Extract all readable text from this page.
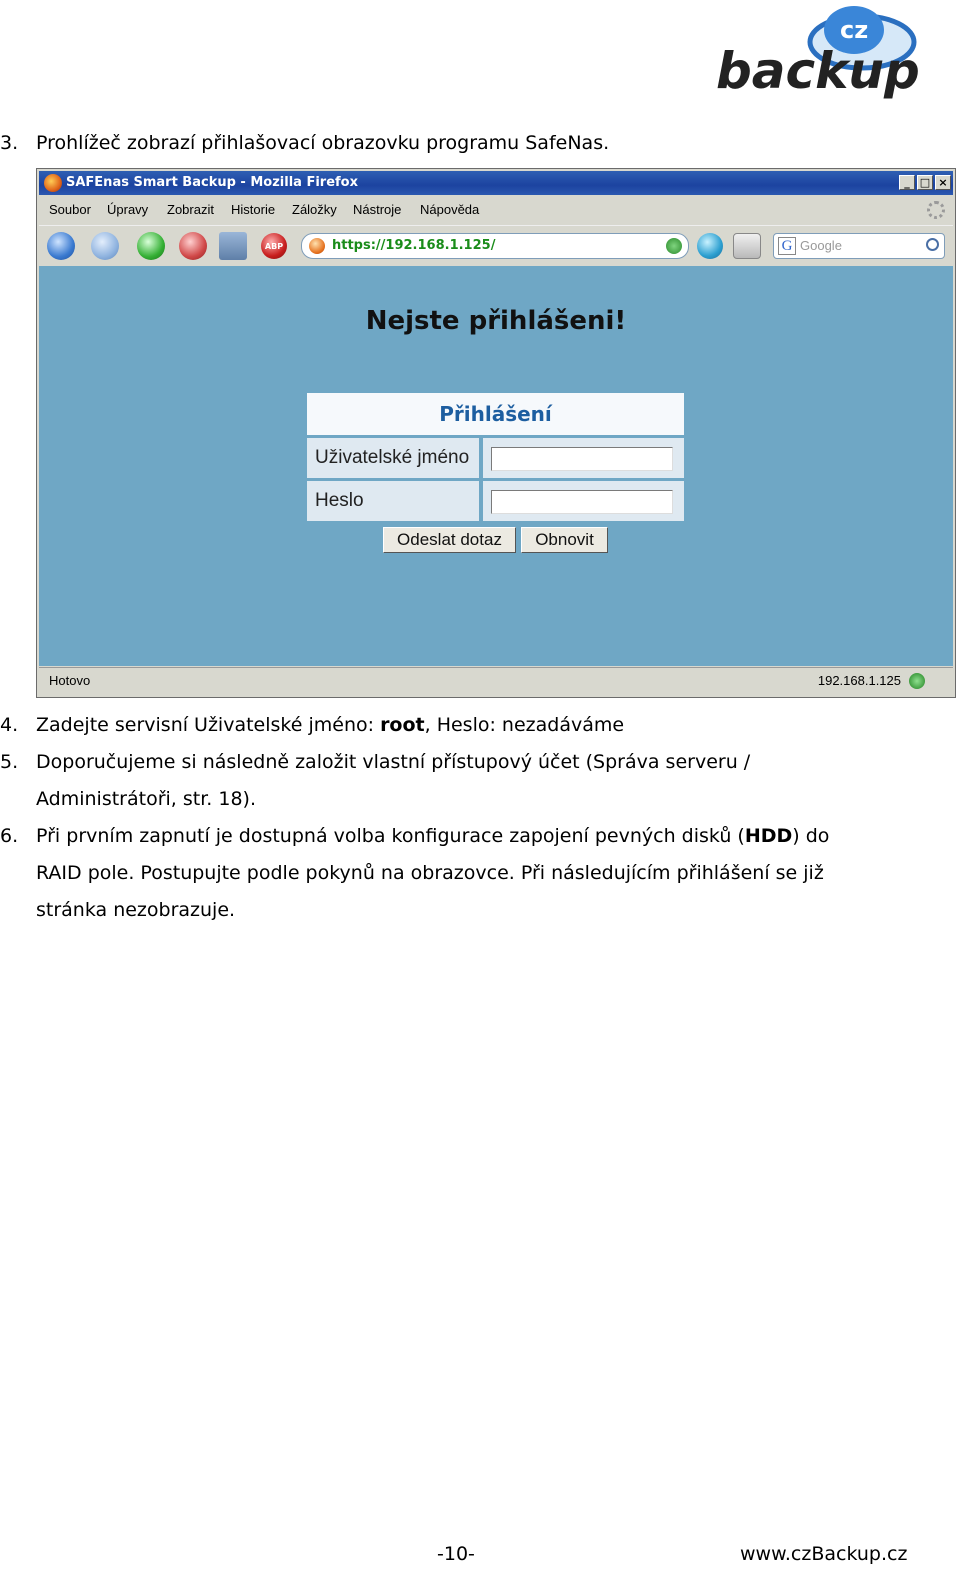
cz
backup
3. Prohlížeč zobrazí přihlašovací obrazovku programu SafeNas.
SAFEnas Smart Backup - Mozilla Firefox	_ □ ×
Soubor Úpravy Zobrazit Historie Záložky Nástroje Nápověda
ABP	https://192.168.1.125/	G Google
Nejste přihlášeni!
Přihlášení
Uživatelské jméno
Heslo
Odeslat dotaz	Obnovit
Hotovo	192.168.1.125
4. Zadejte servisní Uživatelské jméno: root, Heslo: nezadáváme
5. Doporučujeme si následně založit vlastní přístupový účet (Správa serveru /
Administrátoři, str. 18).
6. Při prvním zapnutí je dostupná volba konfigurace zapojení pevných disků (HDD) do
RAID pole. Postupujte podle pokynů na obrazovce. Při následujícím přihlášení se již
stránka nezobrazuje.
-10-	www.czBackup.cz
